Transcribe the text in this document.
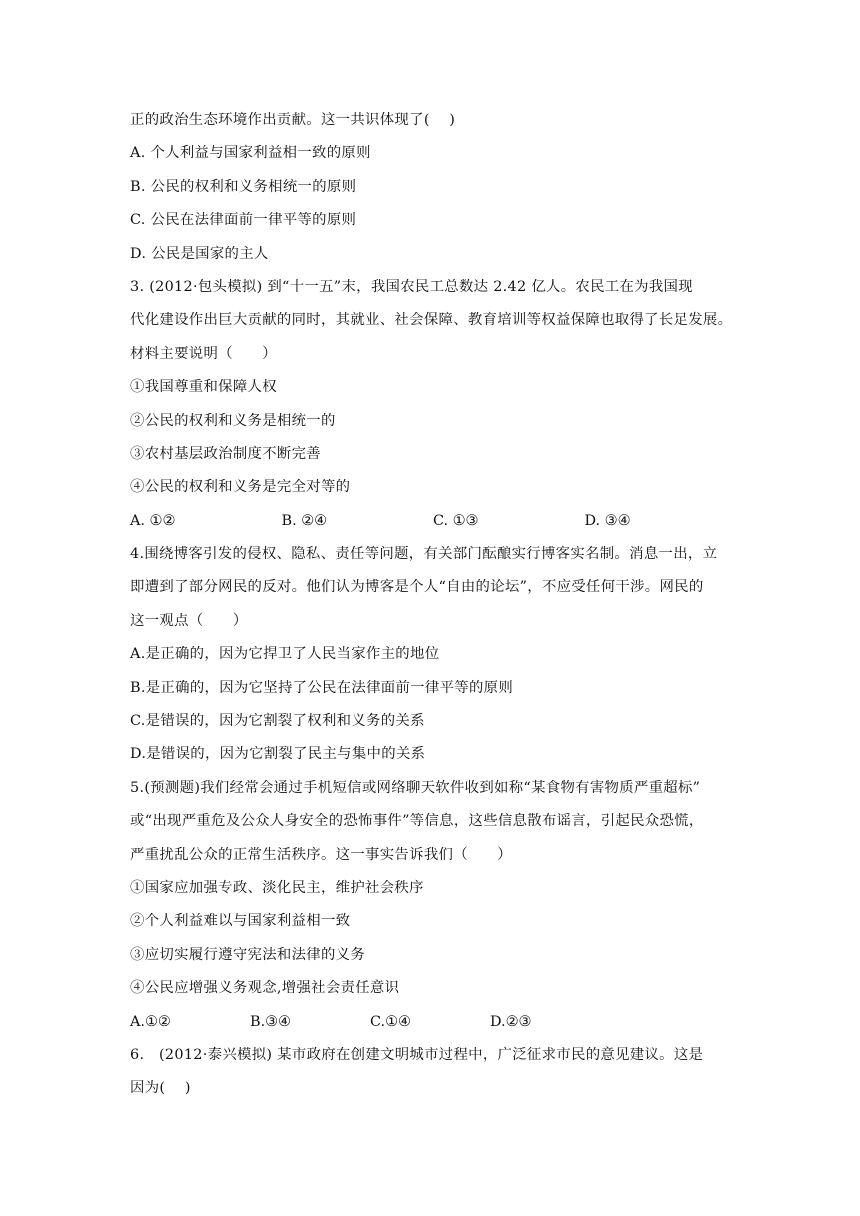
正的政治生态环境作出贡献。这一共识体现了(　 )
A. 个人利益与国家利益相一致的原则
B. 公民的权利和义务相统一的原则
C. 公民在法律面前一律平等的原则
D. 公民是国家的主人
3. (2012·包头模拟) 到“十一五”末，我国农民工总数达 2.42 亿人。农民工在为我国现
代化建设作出巨大贡献的同时，其就业、社会保障、教育培训等权益保障也取得了长足发展。
材料主要说明（　　）
①我国尊重和保障人权
②公民的权利和义务是相统一的
③农村基层政治制度不断完善
④公民的权利和义务是完全对等的
A. ①②	B. ②④	C. ①③	D. ③④
4.围绕博客引发的侵权、隐私、责任等问题，有关部门酝酿实行博客实名制。消息一出，立
即遭到了部分网民的反对。他们认为博客是个人“自由的论坛”，不应受任何干涉。网民的
这一观点（　　）
A.是正确的，因为它捍卫了人民当家作主的地位
B.是正确的，因为它坚持了公民在法律面前一律平等的原则
C.是错误的，因为它割裂了权利和义务的关系
D.是错误的，因为它割裂了民主与集中的关系
5.(预测题)我们经常会通过手机短信或网络聊天软件收到如称“某食物有害物质严重超标”
或“出现严重危及公众人身安全的恐怖事件”等信息，这些信息散布谣言，引起民众恐慌，
严重扰乱公众的正常生活秩序。这一事实告诉我们（　　）
①国家应加强专政、淡化民主，维护社会秩序
②个人利益难以与国家利益相一致
③应切实履行遵守宪法和法律的义务
④公民应增强义务观念,增强社会责任意识
A.①②	B.③④	C.①④	D.②③
6.　(2012·泰兴模拟) 某市政府在创建文明城市过程中，广泛征求市民的意见建议。这是
因为(　 )
